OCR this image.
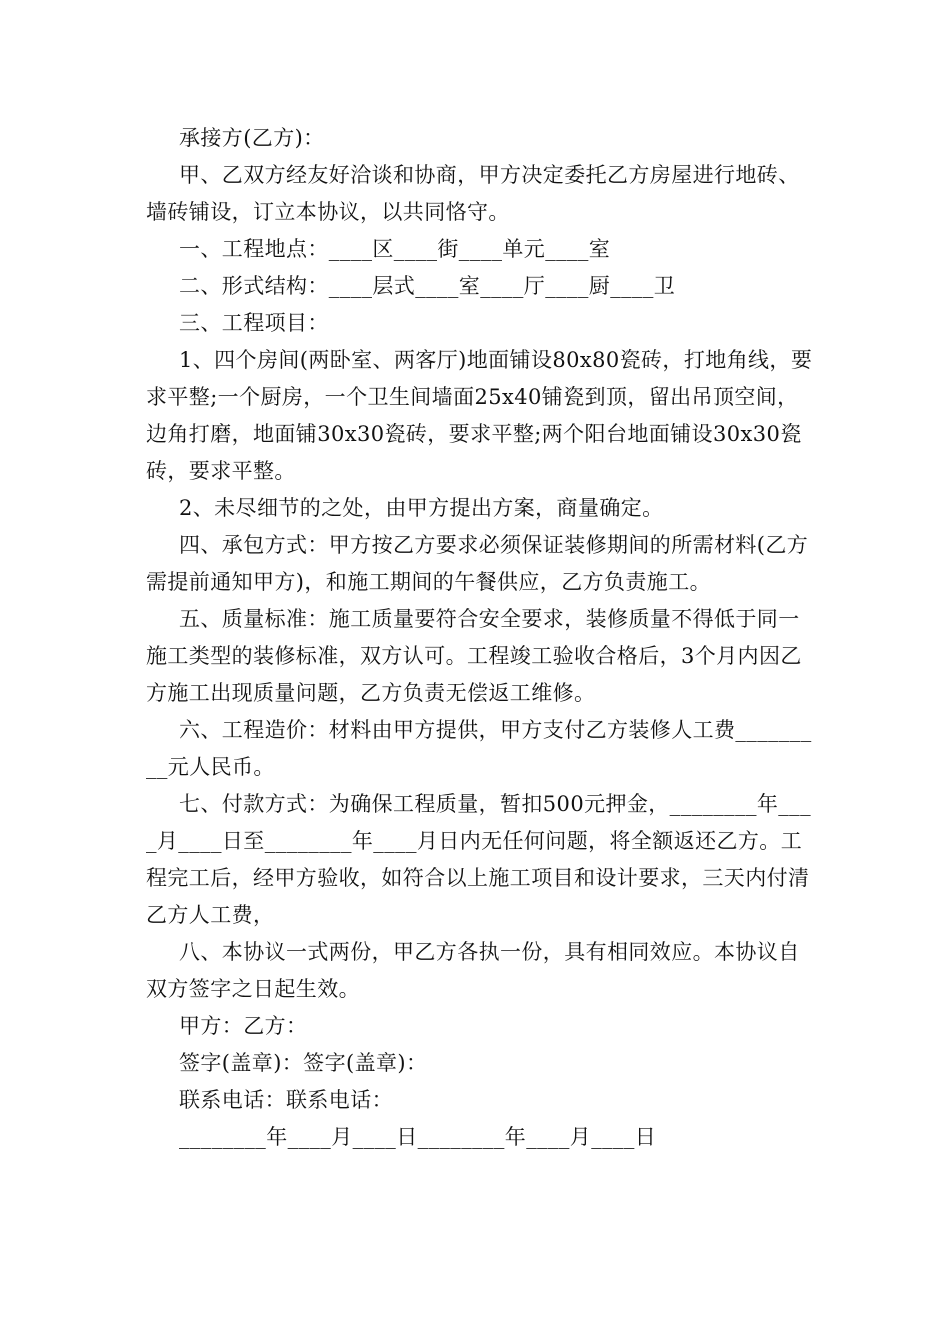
承接方(乙方)：

甲、乙双方经友好洽谈和协商，甲方决定委托乙方房屋进行地砖、墙砖铺设，订立本协议，以共同恪守。

一、工程地点：____区____街____单元____室

二、形式结构：____层式____室____厅____厨____卫

三、工程项目：

1、四个房间(两卧室、两客厅)地面铺设80x80瓷砖，打地角线，要求平整;一个厨房，一个卫生间墙面25x40铺瓷到顶，留出吊顶空间，边角打磨，地面铺30x30瓷砖，要求平整;两个阳台地面铺设30x30瓷砖，要求平整。

2、未尽细节的之处，由甲方提出方案，商量确定。

四、承包方式：甲方按乙方要求必须保证装修期间的所需材料(乙方需提前通知甲方)，和施工期间的午餐供应，乙方负责施工。

五、质量标准：施工质量要符合安全要求，装修质量不得低于同一施工类型的装修标准，双方认可。工程竣工验收合格后，3个月内因乙方施工出现质量问题，乙方负责无偿返工维修。

六、工程造价：材料由甲方提供，甲方支付乙方装修人工费_________元人民币。

七、付款方式：为确保工程质量，暂扣500元押金，________年____月____日至________年____月日内无任何问题，将全额返还乙方。工程完工后，经甲方验收，如符合以上施工项目和设计要求，三天内付清乙方人工费，

八、本协议一式两份，甲乙方各执一份，具有相同效应。本协议自双方签字之日起生效。

甲方：乙方：

签字(盖章)：签字(盖章)：

联系电话：联系电话：

________年____月____日________年____月____日
